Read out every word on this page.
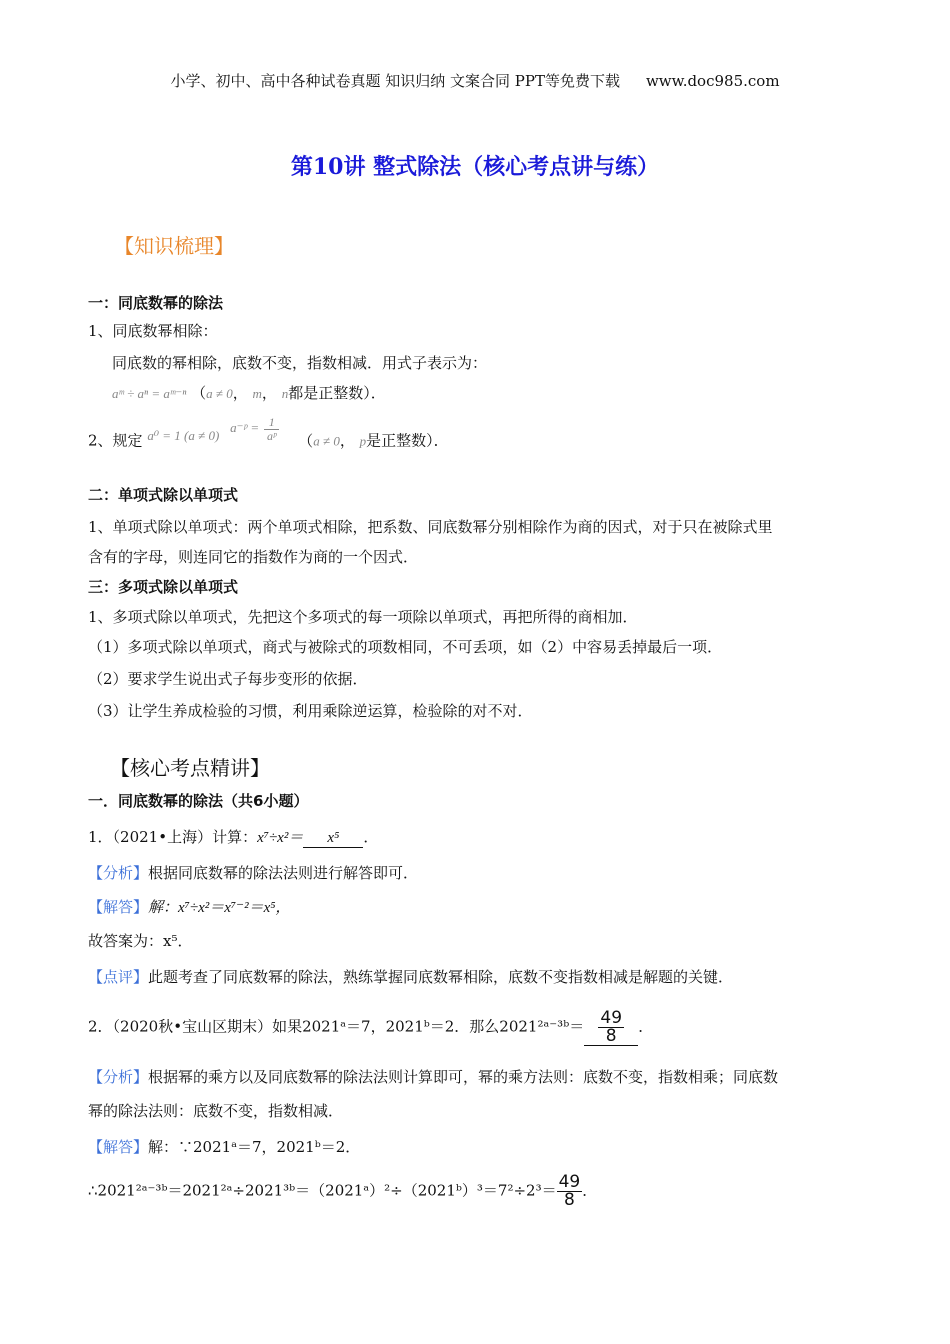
小学、初中、高中各种试卷真题 知识归纳 文案合同 PPT等免费下载 www.doc985.com
第10讲 整式除法（核心考点讲与练）
【知识梳理】
一：同底数幂的除法
1、同底数幂相除：
同底数的幂相除，底数不变，指数相减．用式子表示为：
aᵐ ÷ aⁿ = aᵐ⁻ⁿ （a ≠ 0， m， n都是正整数）．
2、规定 a⁰ = 1 (a ≠ 0) a⁻ᵖ = $\frac{1}{\text{aᵖ}} (a \ne 0$， p是正整数）．
二：单项式除以单项式
1、单项式除以单项式：两个单项式相除，把系数、同底数幂分别相除作为商的因式，对于只在被除式里
含有的字母，则连同它的指数作为商的一个因式．
三：多项式除以单项式
1、多项式除以单项式，先把这个多项式的每一项除以单项式，再把所得的商相加．
（1）多项式除以单项式，商式与被除式的项数相同，不可丢项，如（2）中容易丢掉最后一项．
（2）要求学生说出式子每步变形的依据．
（3）让学生养成检验的习惯，利用乘除逆运算，检验除的对不对．
【核心考点精讲】
一．同底数幂的除法（共6小题）
1．（2021•上海）计算：x⁷÷x²＝ x⁵ ．
【分析】根据同底数幂的除法法则进行解答即可．
【解答】解：x⁷÷x²＝x⁷⁻²＝x⁵，
故答案为：x⁵．
【点评】此题考查了同底数幂的除法，熟练掌握同底数幂相除，底数不变指数相减是解题的关键．
2．（2020秋•宝山区期末）如果2021ᵃ＝7，2021ᵇ＝2．那么2021²ᵃ⁻³ᵇ＝ $\frac{49}{8}$ ．
【分析】根据幂的乘方以及同底数幂的除法法则计算即可，幂的乘方法则：底数不变，指数相乘；同底数
幂的除法法则：底数不变，指数相减．
【解答】解：∵2021ᵃ＝7，2021ᵇ＝2．
∴2021²ᵃ⁻³ᵇ＝2021²ᵃ÷2021³ᵇ＝（2021ᵃ）²÷（2021ᵇ）³＝7²÷2³＝ $\frac{49}{8}$ ．
